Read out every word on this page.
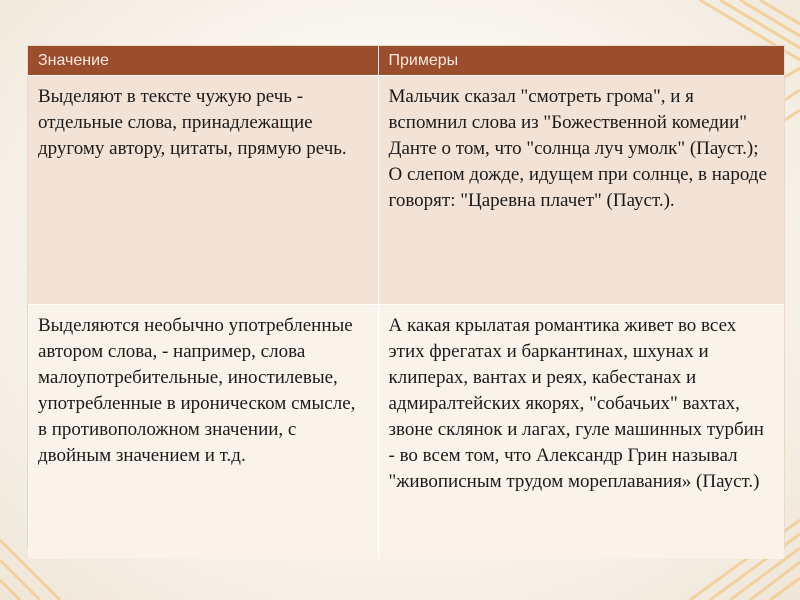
Значение	Примеры
Выделяют в тексте чужую речь - отдельные слова, принадлежащие другому автору, цитаты, прямую речь.	Мальчик сказал "смотреть грома", и я вспомнил слова из "Божественной комедии" Данте о том, что "солнца луч умолк" (Пауст.); О слепом дожде, идущем при солнце, в народе говорят: "Царевна плачет" (Пауст.).
Выделяются необычно употребленные автором слова, - например, слова малоупотребительные, иностилевые, употребленные в ироническом смысле, в противоположном значении, с двойным значением и т.д.	А какая крылатая романтика живет во всех этих фрегатах и баркантинах, шхунах и клиперах, вантах и реях, кабестанах и адмиралтейских якорях, "собачьих" вахтах, звоне склянок и лагах, гуле машинных турбин - во всем том, что Александр Грин называл "живописным трудом мореплавания» (Пауст.)
